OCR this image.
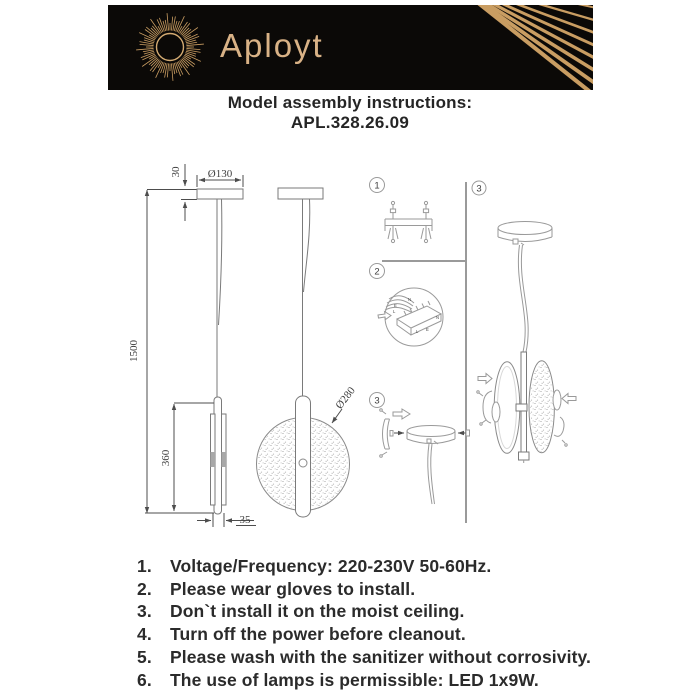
Aployt
Model assembly instructions:
APL.328.26.09
1500
30 Ø130
360
35
Ø280
1
2
N
E
L
N
L E
3
3
1.	Voltage/Frequency: 220-230V 50-60Hz.
2.	Please wear gloves to install.
3.	Don`t install it on the moist ceiling.
4.	Turn off the power before cleanout.
5.	Please wash with the sanitizer without corrosivity.
6.	The use of lamps is permissible: LED 1x9W.
